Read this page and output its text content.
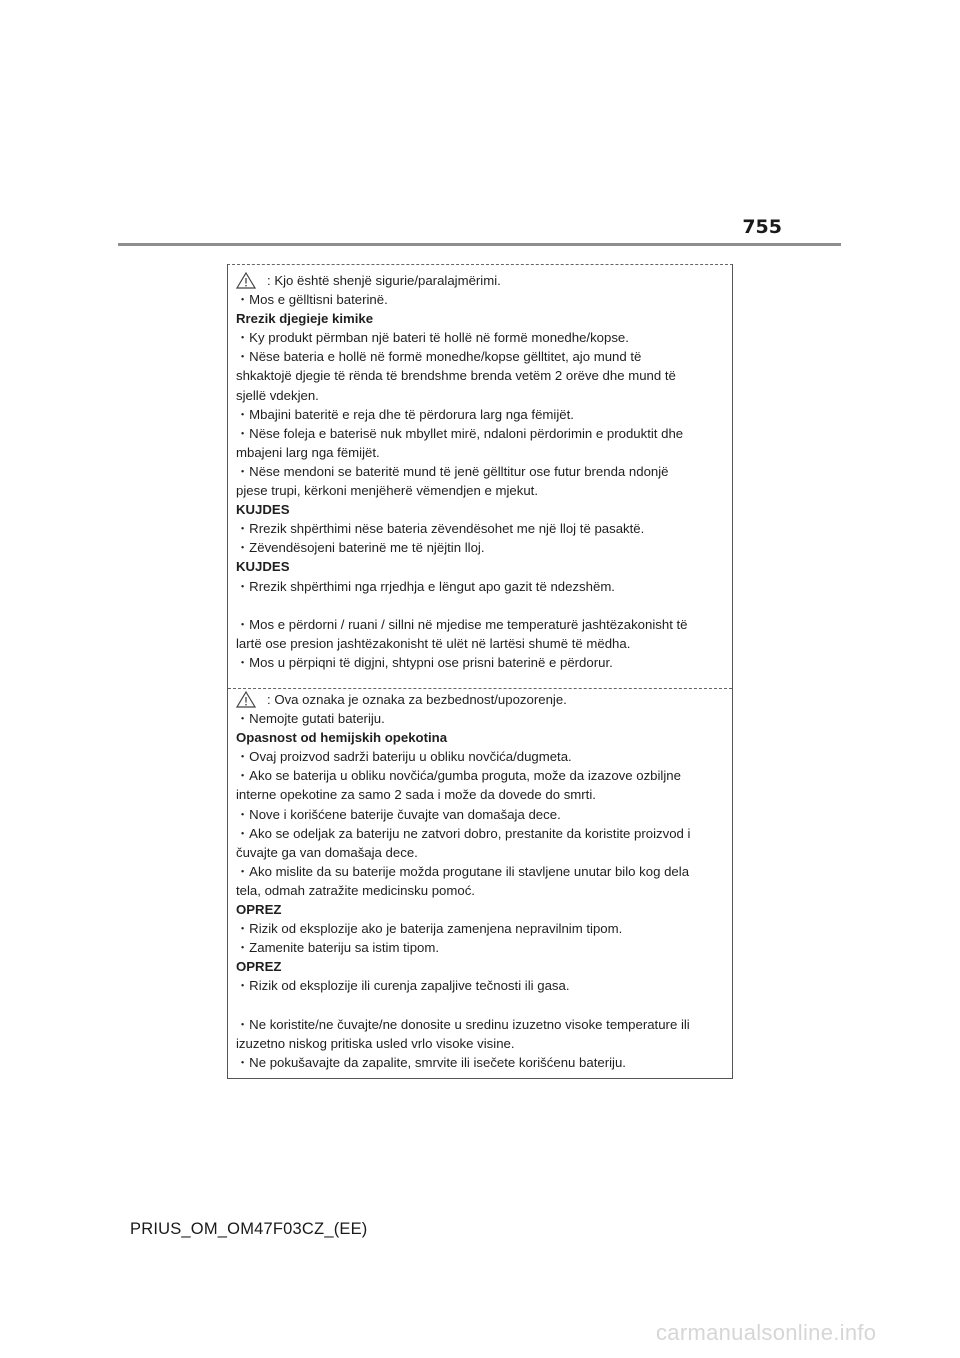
755
: Kjo është shenjë sigurie/paralajmërimi.
・Mos e gëlltisni baterinë.
Rrezik djegieje kimike
・Ky produkt përmban një bateri të hollë në formë monedhe/kopse.
・Nëse bateria e hollë në formë monedhe/kopse gëlltitet, ajo mund të
shkaktojë djegie të rënda të brendshme brenda vetëm 2 orëve dhe mund të
sjellë vdekjen.
・Mbajini bateritë e reja dhe të përdorura larg nga fëmijët.
・Nëse foleja e baterisë nuk mbyllet mirë, ndaloni përdorimin e produktit dhe
mbajeni larg nga fëmijët.
・Nëse mendoni se bateritë mund të jenë gëlltitur ose futur brenda ndonjë
pjese trupi, kërkoni menjëherë vëmendjen e mjekut.
KUJDES
・Rrezik shpërthimi nëse bateria zëvendësohet me një lloj të pasaktë.
・Zëvendësojeni baterinë me të njëjtin lloj.
KUJDES
・Rrezik shpërthimi nga rrjedhja e lëngut apo gazit të ndezshëm.
・Mos e përdorni / ruani / sillni në mjedise me temperaturë jashtëzakonisht të
lartë ose presion jashtëzakonisht të ulët në lartësi shumë të mëdha.
・Mos u përpiqni të digjni, shtypni ose prisni baterinë e përdorur.
: Ova oznaka je oznaka za bezbednost/upozorenje.
・Nemojte gutati bateriju.
Opasnost od hemijskih opekotina
・Ovaj proizvod sadrži bateriju u obliku novčića/dugmeta.
・Ako se baterija u obliku novčića/gumba proguta, može da izazove ozbiljne
interne opekotine za samo 2 sada i može da dovede do smrti.
・Nove i korišćene baterije čuvajte van domašaja dece.
・Ako se odeljak za bateriju ne zatvori dobro, prestanite da koristite proizvod i
čuvajte ga van domašaja dece.
・Ako mislite da su baterije možda progutane ili stavljene unutar bilo kog dela
tela, odmah zatražite medicinsku pomoć.
OPREZ
・Rizik od eksplozije ako je baterija zamenjena nepravilnim tipom.
・Zamenite bateriju sa istim tipom.
OPREZ
・Rizik od eksplozije ili curenja zapaljive tečnosti ili gasa.
・Ne koristite/ne čuvajte/ne donosite u sredinu izuzetno visoke temperature ili
izuzetno niskog pritiska usled vrlo visoke visine.
・Ne pokušavajte da zapalite, smrvite ili isečete korišćenu bateriju.
PRIUS_OM_OM47F03CZ_(EE)
carmanualsonline.info
